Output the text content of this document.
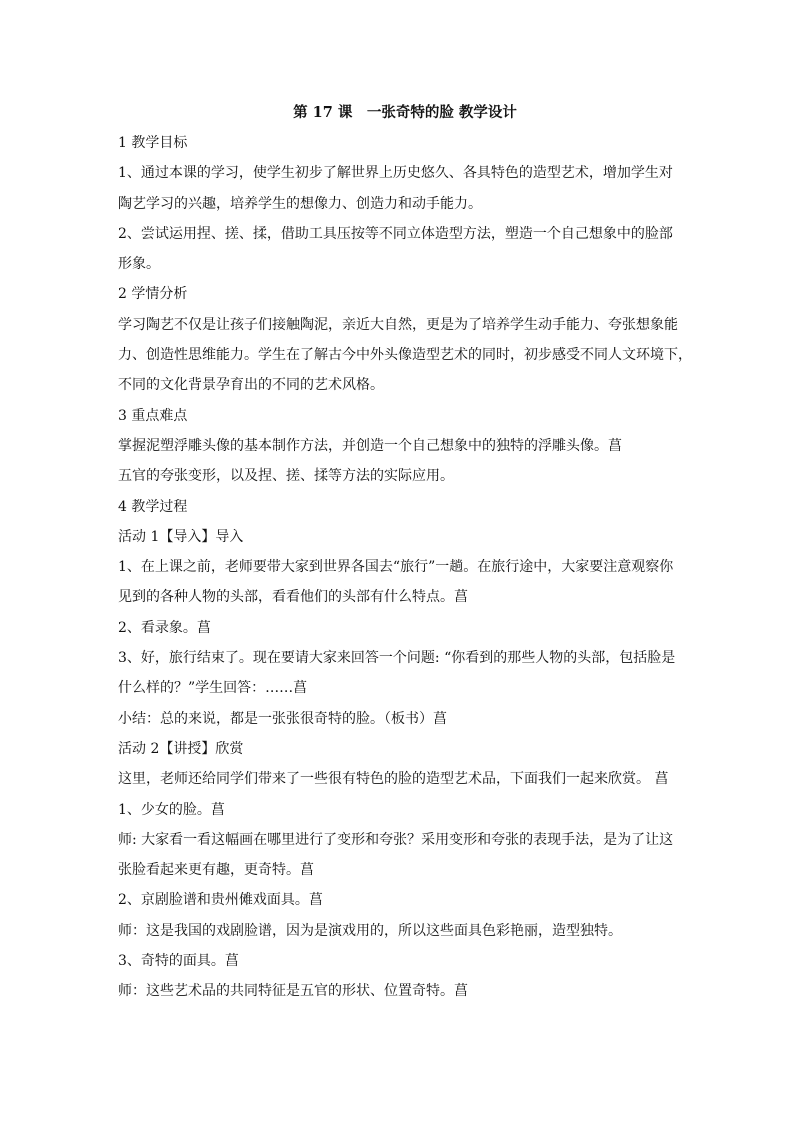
第 17 课　一张奇特的脸 教学设计

1 教学目标

1、通过本课的学习，使学生初步了解世界上历史悠久、各具特色的造型艺术，增加学生对

陶艺学习的兴趣，培养学生的想像力、创造力和动手能力。

2、尝试运用捏、搓、揉，借助工具压按等不同立体造型方法，塑造一个自己想象中的脸部

形象。

2 学情分析

学习陶艺不仅是让孩子们接触陶泥，亲近大自然，更是为了培养学生动手能力、夸张想象能

力、创造性思维能力。学生在了解古今中外头像造型艺术的同时，初步感受不同人文环境下，

不同的文化背景孕育出的不同的艺术风格。

3 重点难点

掌握泥塑浮雕头像的基本制作方法，并创造一个自己想象中的独特的浮雕头像。菖

五官的夸张变形，以及捏、搓、揉等方法的实际应用。

4 教学过程

活动 1【导入】导入

1、在上课之前，老师要带大家到世界各国去“旅行”一趟。在旅行途中，大家要注意观察你

见到的各种人物的头部，看看他们的头部有什么特点。菖

2、看录象。菖

3、好，旅行结束了。现在要请大家来回答一个问题: “你看到的那些人物的头部，包括脸是

什么样的？”学生回答：……菖

小结：总的来说，都是一张张很奇特的脸。（板书）菖

活动 2【讲授】欣赏

这里，老师还给同学们带来了一些很有特色的脸的造型艺术品，下面我们一起来欣赏。 菖

1、少女的脸。菖

师: 大家看一看这幅画在哪里进行了变形和夸张？采用变形和夸张的表现手法，是为了让这

张脸看起来更有趣，更奇特。菖

2、京剧脸谱和贵州傩戏面具。菖

师：这是我国的戏剧脸谱，因为是演戏用的，所以这些面具色彩艳丽，造型独特。

3、奇特的面具。菖

师：这些艺术品的共同特征是五官的形状、位置奇特。菖
